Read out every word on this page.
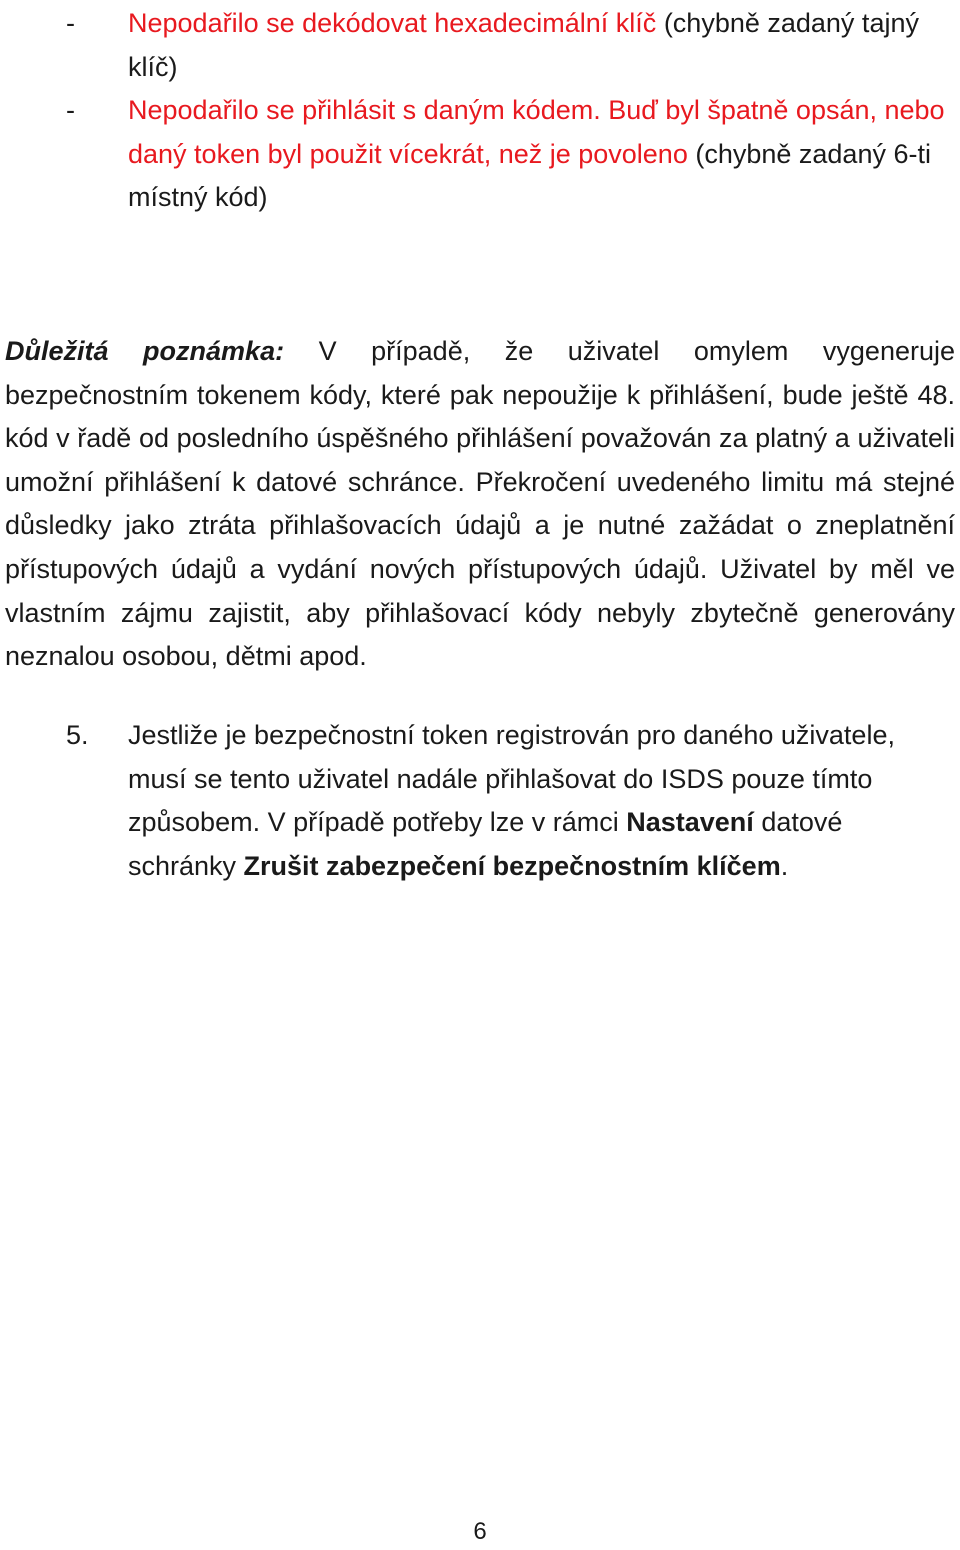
- Nepodařilo se dekódovat hexadecimální klíč (chybně zadaný tajný klíč)
- Nepodařilo se přihlásit s daným kódem. Buď byl špatně opsán, nebo daný token byl použit vícekrát, než je povoleno (chybně zadaný 6-ti místný kód)

Důležitá poznámka: V případě, že uživatel omylem vygeneruje bezpečnostním tokenem kódy, které pak nepoužije k přihlášení, bude ještě 48. kód v řadě od posledního úspěšného přihlášení považován za platný a uživateli umožní přihlášení k datové schránce. Překročení uvedeného limitu má stejné důsledky jako ztráta přihlašovacích údajů a je nutné zažádat o zneplatnění přístupových údajů a vydání nových přístupových údajů. Uživatel by měl ve vlastním zájmu zajistit, aby přihlašovací kódy nebyly zbytečně generovány neznalou osobou, dětmi apod.

5. Jestliže je bezpečnostní token registrován pro daného uživatele, musí se tento uživatel nadále přihlašovat do ISDS pouze tímto způsobem. V případě potřeby lze v rámci Nastavení datové schránky Zrušit zabezpečení bezpečnostním klíčem.
6
